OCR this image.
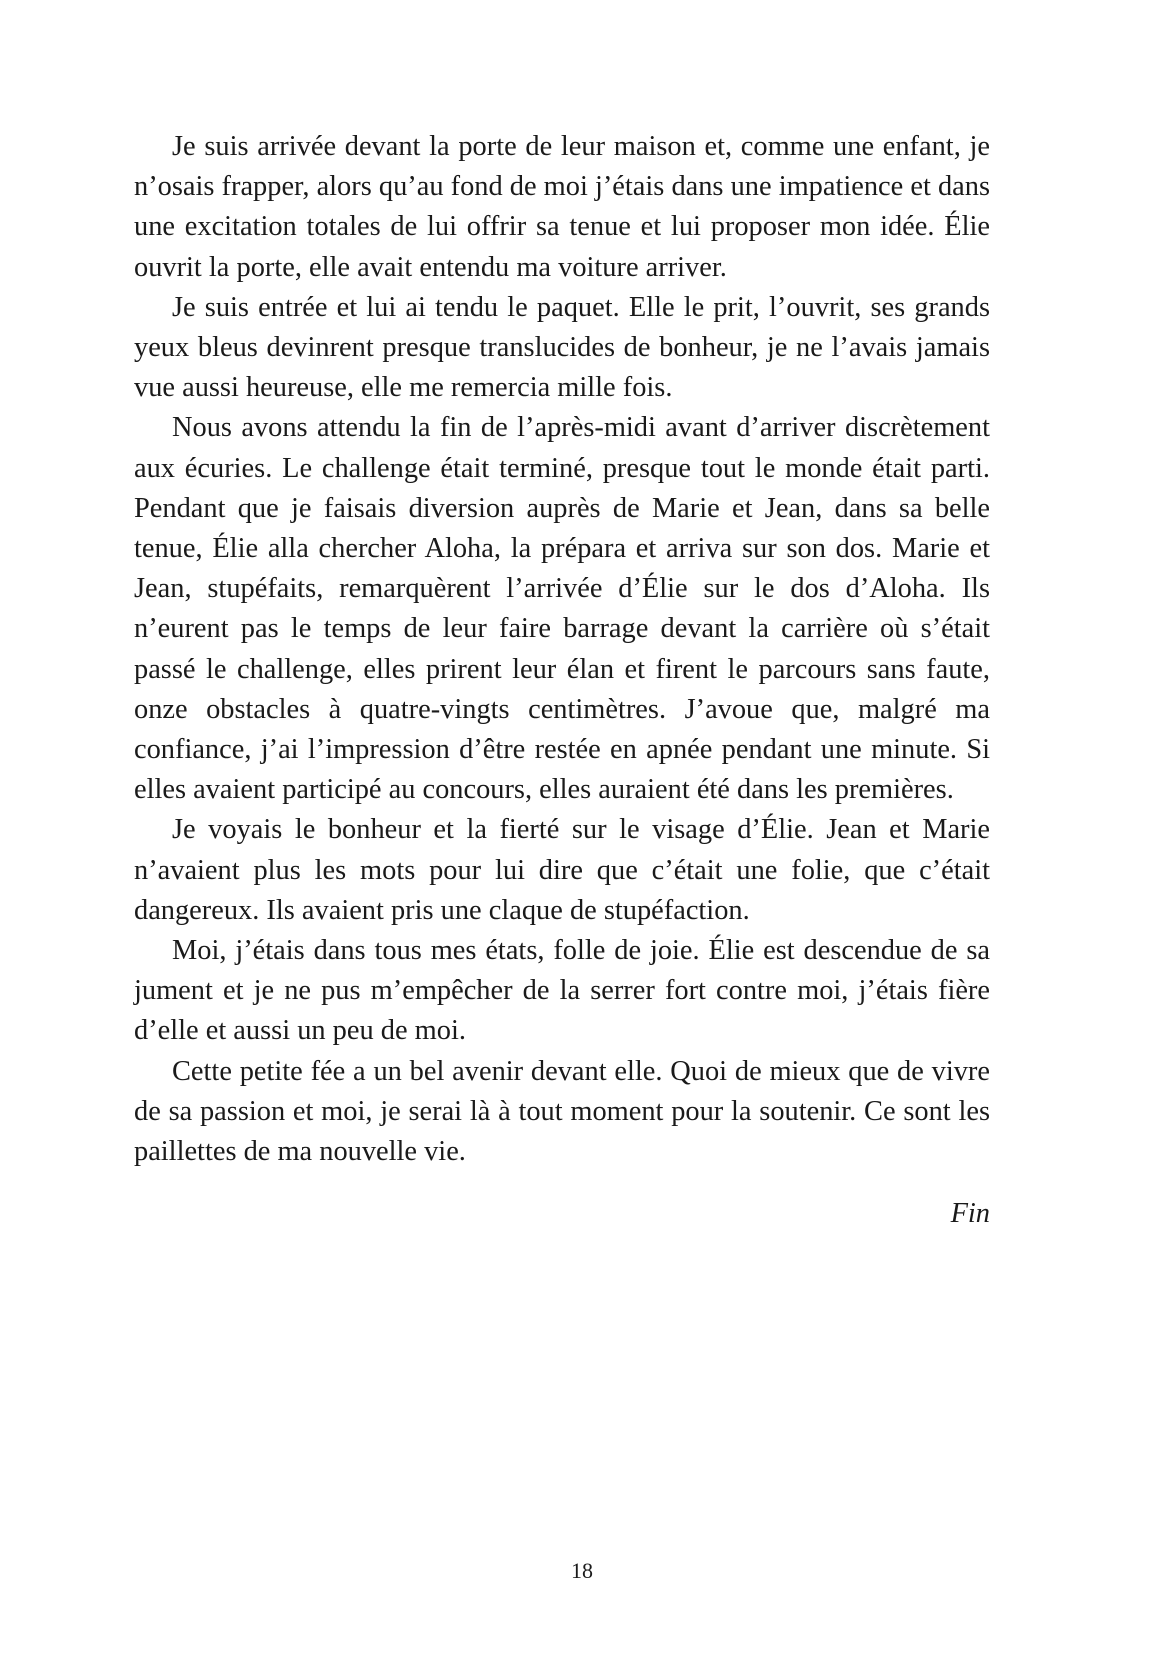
Je suis arrivée devant la porte de leur maison et, comme une enfant, je n’osais frapper, alors qu’au fond de moi j’étais dans une impatience et dans une excitation totales de lui offrir sa tenue et lui proposer mon idée. Élie ouvrit la porte, elle avait entendu ma voiture arriver.

Je suis entrée et lui ai tendu le paquet. Elle le prit, l’ouvrit, ses grands yeux bleus devinrent presque translucides de bonheur, je ne l’avais jamais vue aussi heureuse, elle me remercia mille fois.

Nous avons attendu la fin de l’après-midi avant d’arriver discrètement aux écuries. Le challenge était terminé, presque tout le monde était parti. Pendant que je faisais diversion auprès de Marie et Jean, dans sa belle tenue, Élie alla chercher Aloha, la prépara et arriva sur son dos. Marie et Jean, stupéfaits, remarquèrent l’arrivée d’Élie sur le dos d’Aloha. Ils n’eurent pas le temps de leur faire barrage devant la carrière où s’était passé le challenge, elles prirent leur élan et firent le parcours sans faute, onze obstacles à quatre-vingts centimètres. J’avoue que, malgré ma confiance, j’ai l’impression d’être restée en apnée pendant une minute. Si elles avaient participé au concours, elles auraient été dans les premières.

Je voyais le bonheur et la fierté sur le visage d’Élie. Jean et Marie n’avaient plus les mots pour lui dire que c’était une folie, que c’était dangereux. Ils avaient pris une claque de stupéfaction.

Moi, j’étais dans tous mes états, folle de joie. Élie est descendue de sa jument et je ne pus m’empêcher de la serrer fort contre moi, j’étais fière d’elle et aussi un peu de moi.

Cette petite fée a un bel avenir devant elle. Quoi de mieux que de vivre de sa passion et moi, je serai là à tout moment pour la soutenir. Ce sont les paillettes de ma nouvelle vie.

Fin
18
